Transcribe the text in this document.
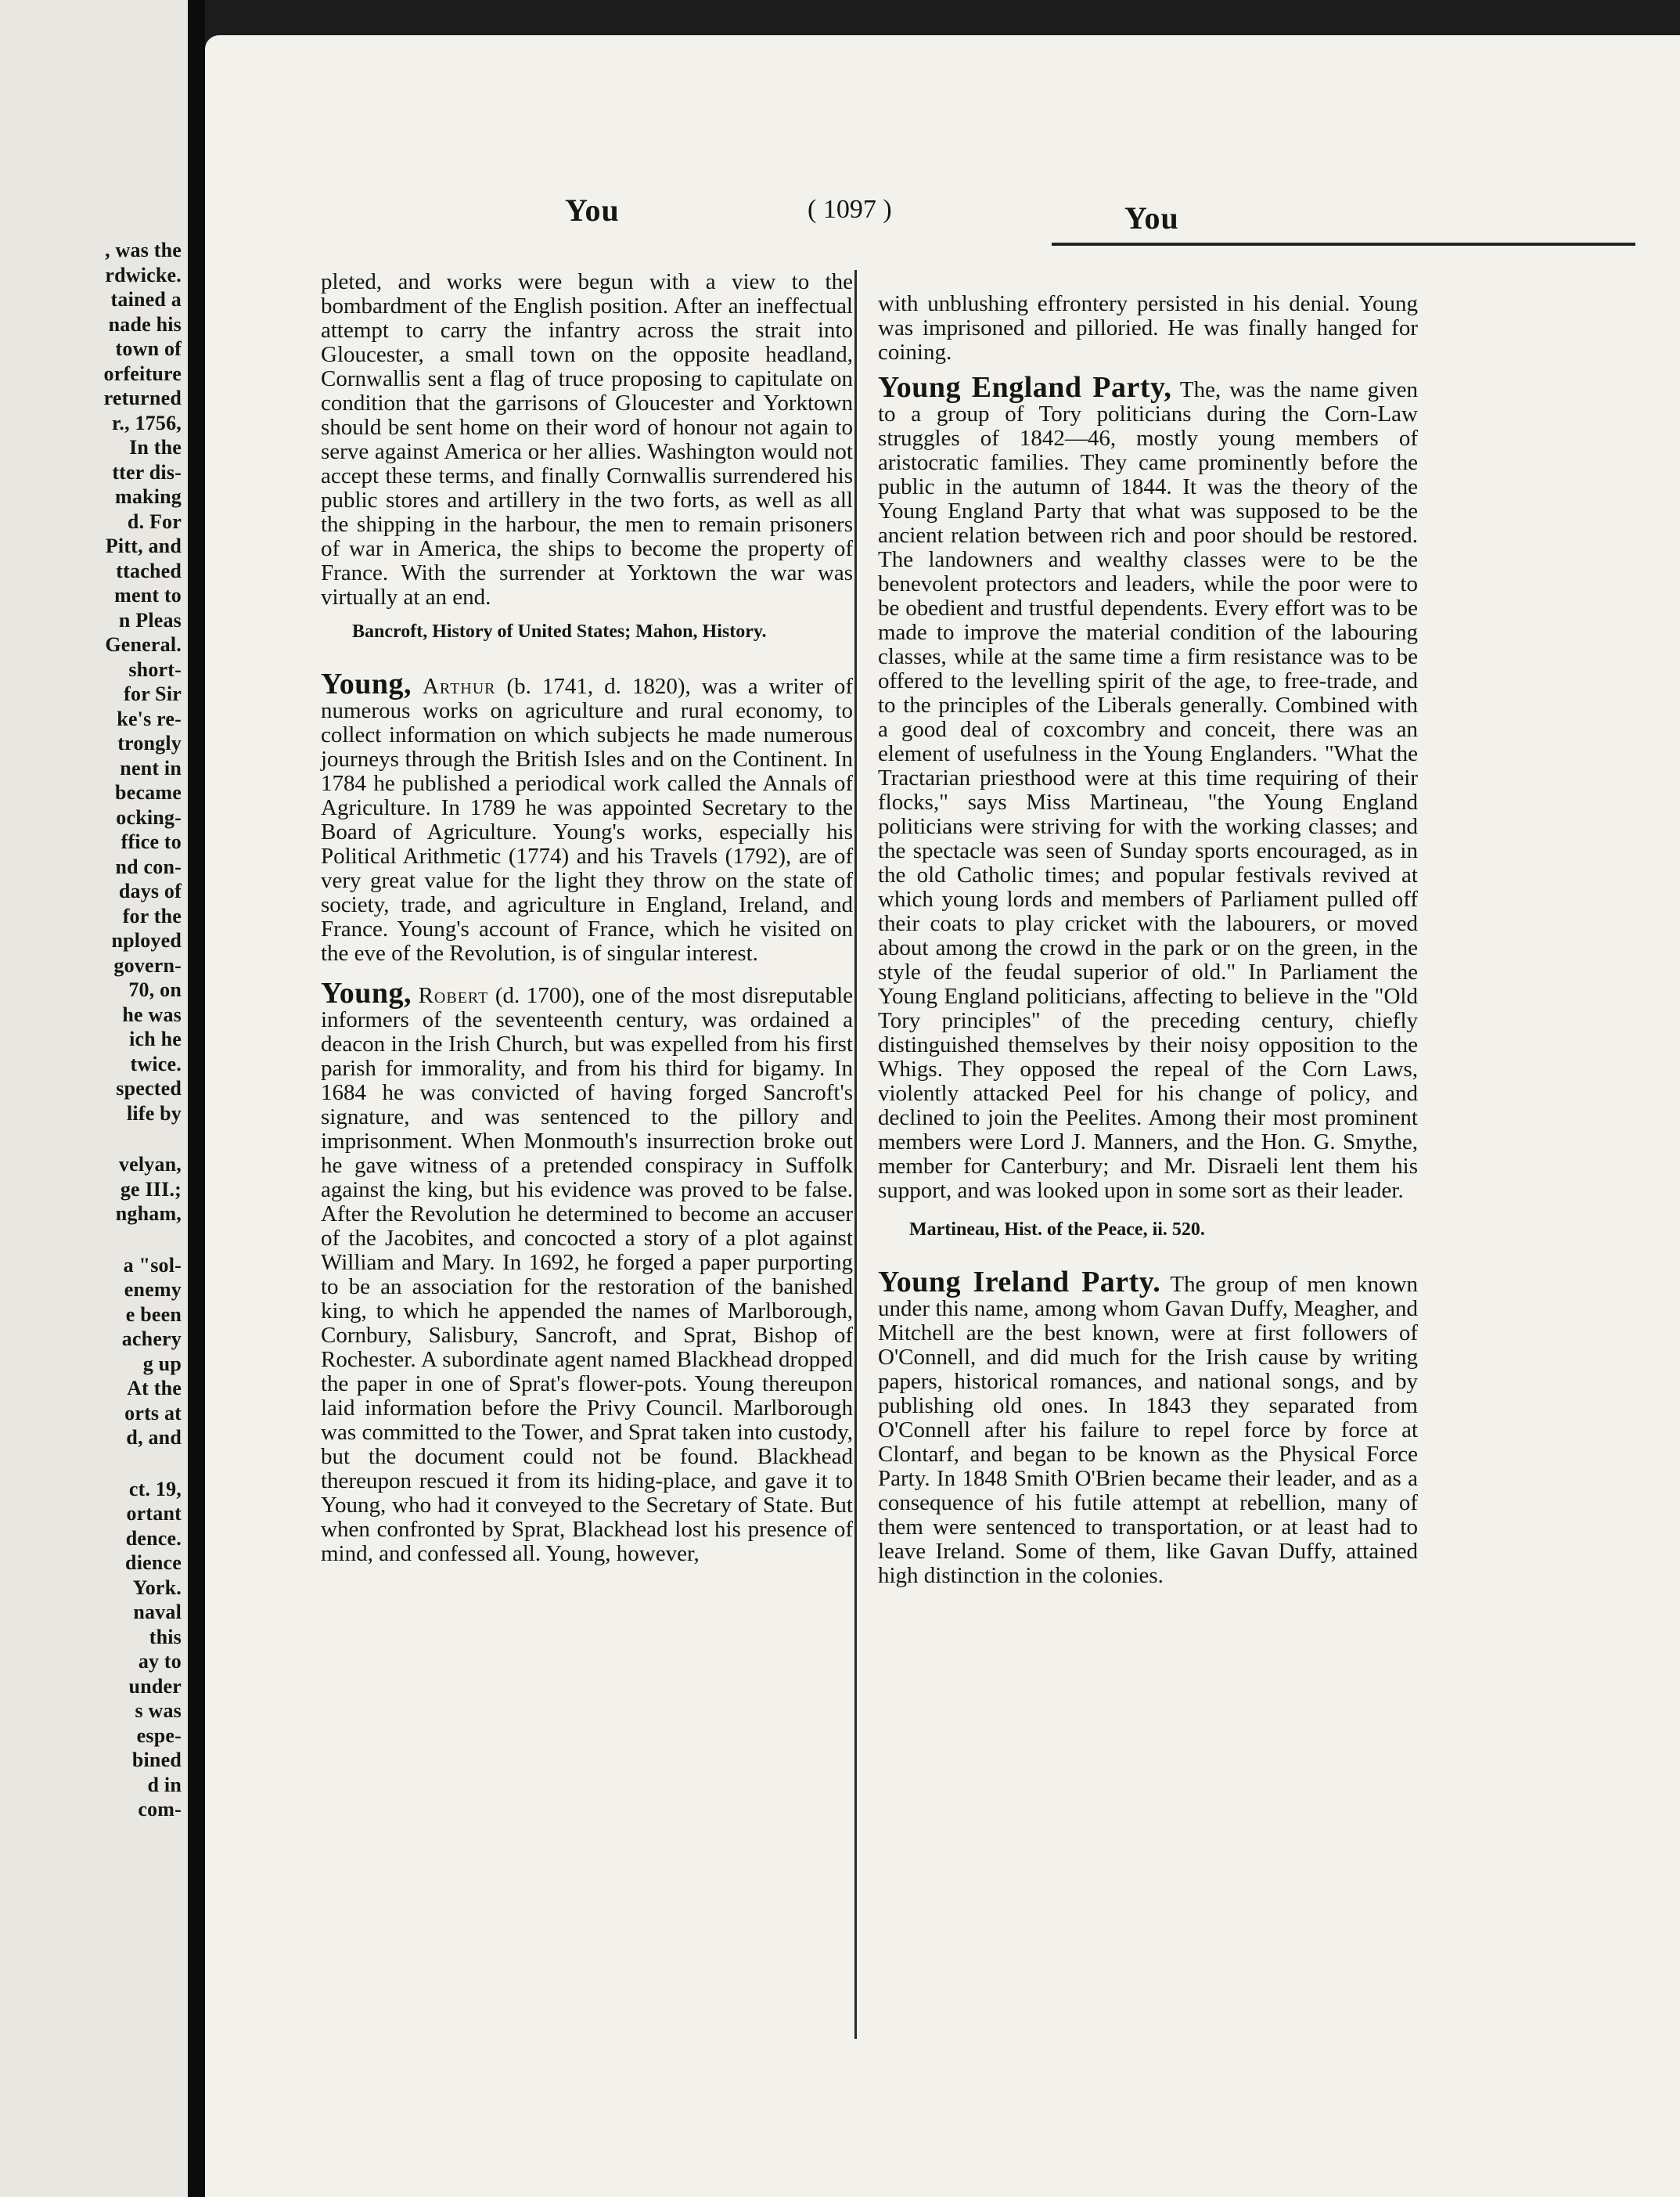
, was the
rdwicke.
tained a
nade his
town of
orfeiture
returned
r., 1756,
In the
tter dis-
making
d. For
Pitt, and
ttached
ment to
n Pleas
General.
short-
for Sir
ke's re-
trongly
nent in
became
ocking-
ffice to
nd con-
days of
for the
nployed
govern-
70, on
he was
ich he
twice.
spected
life by
velyan,
ge III.;
ngham,
a "sol-
enemy
e been
achery
g up
At the
orts at
d, and
ct. 19,
ortant
dence.
dience
York.
naval
this
ay to
under
s was
espe-
bined
d in
com-
You	( 1097 )	You

pleted, and works were begun with a view to the bombardment of the English position. After an ineffectual attempt to carry the infantry across the strait into Gloucester, a small town on the opposite headland, Cornwallis sent a flag of truce proposing to capitulate on condition that the garrisons of Gloucester and Yorktown should be sent home on their word of honour not again to serve against America or her allies. Washington would not accept these terms, and finally Cornwallis surrendered his public stores and artillery in the two forts, as well as all the shipping in the harbour, the men to remain prisoners of war in America, the ships to become the property of France. With the surrender at Yorktown the war was virtually at an end.

Bancroft, History of United States; Mahon, History.

Young, Arthur (b. 1741, d. 1820), was a writer of numerous works on agriculture and rural economy, to collect information on which subjects he made numerous journeys through the British Isles and on the Continent. In 1784 he published a periodical work called the Annals of Agriculture. In 1789 he was appointed Secretary to the Board of Agriculture. Young's works, especially his Political Arithmetic (1774) and his Travels (1792), are of very great value for the light they throw on the state of society, trade, and agriculture in England, Ireland, and France. Young's account of France, which he visited on the eve of the Revolution, is of singular interest.

Young, Robert (d. 1700), one of the most disreputable informers of the seventeenth century, was ordained a deacon in the Irish Church, but was expelled from his first parish for immorality, and from his third for bigamy. In 1684 he was convicted of having forged Sancroft's signature, and was sentenced to the pillory and imprisonment. When Monmouth's insurrection broke out he gave witness of a pretended conspiracy in Suffolk against the king, but his evidence was proved to be false. After the Revolution he determined to become an accuser of the Jacobites, and concocted a story of a plot against William and Mary. In 1692, he forged a paper purporting to be an association for the restoration of the banished king, to which he appended the names of Marlborough, Cornbury, Salisbury, Sancroft, and Sprat, Bishop of Rochester. A subordinate agent named Blackhead dropped the paper in one of Sprat's flower-pots. Young thereupon laid information before the Privy Council. Marlborough was committed to the Tower, and Sprat taken into custody, but the document could not be found. Blackhead thereupon rescued it from its hiding-place, and gave it to Young, who had it conveyed to the Secretary of State. But when confronted by Sprat, Blackhead lost his presence of mind, and confessed all. Young, however,

with unblushing effrontery persisted in his denial. Young was imprisoned and pilloried. He was finally hanged for coining.

Young England Party, The, was the name given to a group of Tory politicians during the Corn-Law struggles of 1842—46, mostly young members of aristocratic families. They came prominently before the public in the autumn of 1844. It was the theory of the Young England Party that what was supposed to be the ancient relation between rich and poor should be restored. The landowners and wealthy classes were to be the benevolent protectors and leaders, while the poor were to be obedient and trustful dependents. Every effort was to be made to improve the material condition of the labouring classes, while at the same time a firm resistance was to be offered to the levelling spirit of the age, to free-trade, and to the principles of the Liberals generally. Combined with a good deal of coxcombry and conceit, there was an element of usefulness in the Young Englanders. "What the Tractarian priesthood were at this time requiring of their flocks," says Miss Martineau, "the Young England politicians were striving for with the working classes; and the spectacle was seen of Sunday sports encouraged, as in the old Catholic times; and popular festivals revived at which young lords and members of Parliament pulled off their coats to play cricket with the labourers, or moved about among the crowd in the park or on the green, in the style of the feudal superior of old." In Parliament the Young England politicians, affecting to believe in the "Old Tory principles" of the preceding century, chiefly distinguished themselves by their noisy opposition to the Whigs. They opposed the repeal of the Corn Laws, violently attacked Peel for his change of policy, and declined to join the Peelites. Among their most prominent members were Lord J. Manners, and the Hon. G. Smythe, member for Canterbury; and Mr. Disraeli lent them his support, and was looked upon in some sort as their leader.

Martineau, Hist. of the Peace, ii. 520.

Young Ireland Party. The group of men known under this name, among whom Gavan Duffy, Meagher, and Mitchell are the best known, were at first followers of O'Connell, and did much for the Irish cause by writing papers, historical romances, and national songs, and by publishing old ones. In 1843 they separated from O'Connell after his failure to repel force by force at Clontarf, and began to be known as the Physical Force Party. In 1848 Smith O'Brien became their leader, and as a consequence of his futile attempt at rebellion, many of them were sentenced to transportation, or at least had to leave Ireland. Some of them, like Gavan Duffy, attained high distinction in the colonies.
